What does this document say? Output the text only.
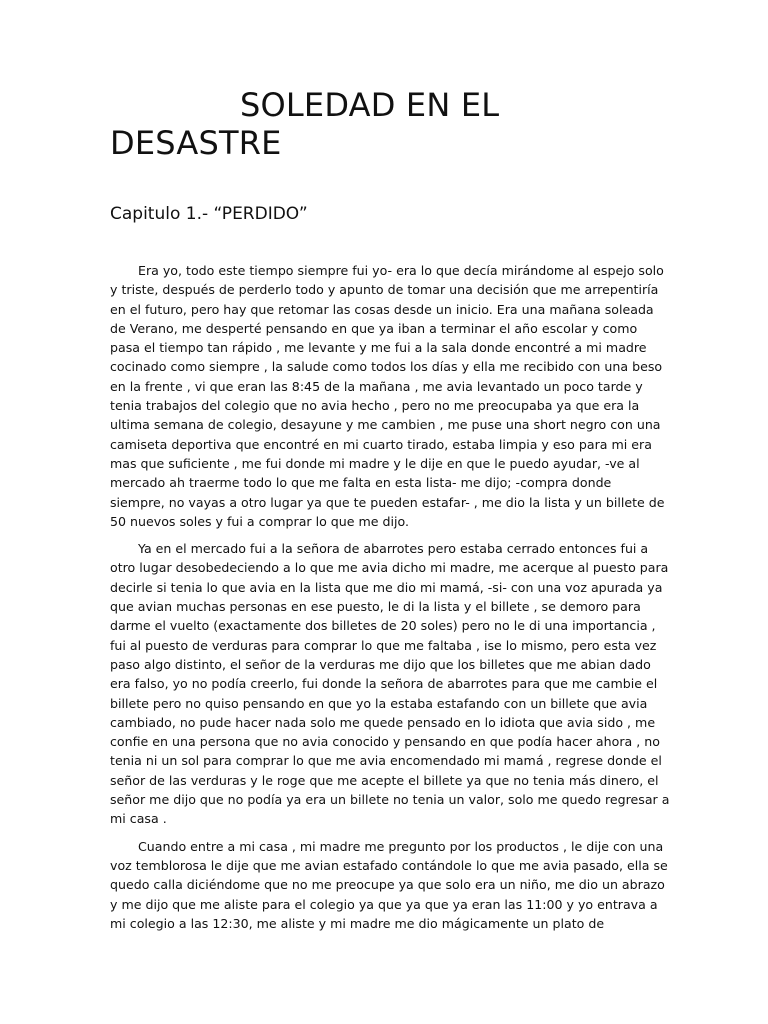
SOLEDAD EN EL DESASTRE
Capitulo 1.- “PERDIDO”

Era yo, todo este tiempo siempre fui yo- era lo que decía mirándome al espejo solo y triste, después de perderlo todo y apunto de tomar una decisión que me arrepentiría en el futuro, pero hay que retomar las cosas desde un inicio. Era una mañana soleada de Verano, me desperté pensando en que ya iban a terminar el año escolar y como pasa el tiempo tan rápido , me levante y me fui a la sala donde encontré a mi madre cocinado como siempre , la salude como todos los días y ella me recibido con una beso en la frente , vi que eran las 8:45 de la mañana , me avia levantado un poco tarde y tenia trabajos del colegio que no avia hecho , pero no me preocupaba ya que era la ultima semana de colegio, desayune y me cambien , me puse una short negro con una camiseta deportiva que encontré en mi cuarto tirado, estaba limpia y eso para mi era mas que suficiente , me fui donde mi madre y le dije en que le puedo ayudar, -ve al mercado ah traerme todo lo que me falta en esta lista- me dijo; -compra donde siempre, no vayas a otro lugar ya que te pueden estafar- , me dio la lista y un billete de 50 nuevos soles y fui a comprar lo que me dijo.

Ya en el mercado fui a la señora de abarrotes pero estaba cerrado entonces fui a otro lugar desobedeciendo a lo que me avia dicho mi madre, me acerque al puesto para decirle si tenia lo que avia en la lista que me dio mi mamá, -si- con una voz apurada ya que avian muchas personas en ese puesto, le di la lista y el billete , se demoro para darme el vuelto (exactamente dos billetes de 20 soles) pero no le di una importancia , fui al puesto de verduras para comprar lo que me faltaba , ise lo mismo, pero esta vez paso algo distinto, el señor de la verduras me dijo que los billetes que me abian dado era falso, yo no podía creerlo, fui donde la señora de abarrotes para que me cambie el billete pero no quiso pensando en que yo la estaba estafando con un billete que avia cambiado, no pude hacer nada solo me quede pensado en lo idiota que avia sido , me confie en una persona que no avia conocido y pensando en que podía hacer ahora , no tenia ni un sol para comprar lo que me avia encomendado mi mamá , regrese donde el señor de las verduras y le roge que me acepte el billete ya que no tenia más dinero, el señor me dijo que no podía ya era un billete no tenia un valor, solo me quedo regresar a mi casa .

Cuando entre a mi casa , mi madre me pregunto por los productos , le dije con una voz temblorosa le dije que me avian estafado contándole lo que me avia pasado, ella se quedo calla diciéndome que no me preocupe ya que solo era un niño, me dio un abrazo y me dijo que me aliste para el colegio ya que ya que ya eran las 11:00 y yo entrava a mi colegio a las 12:30, me aliste y mi madre me dio mágicamente un plato de
